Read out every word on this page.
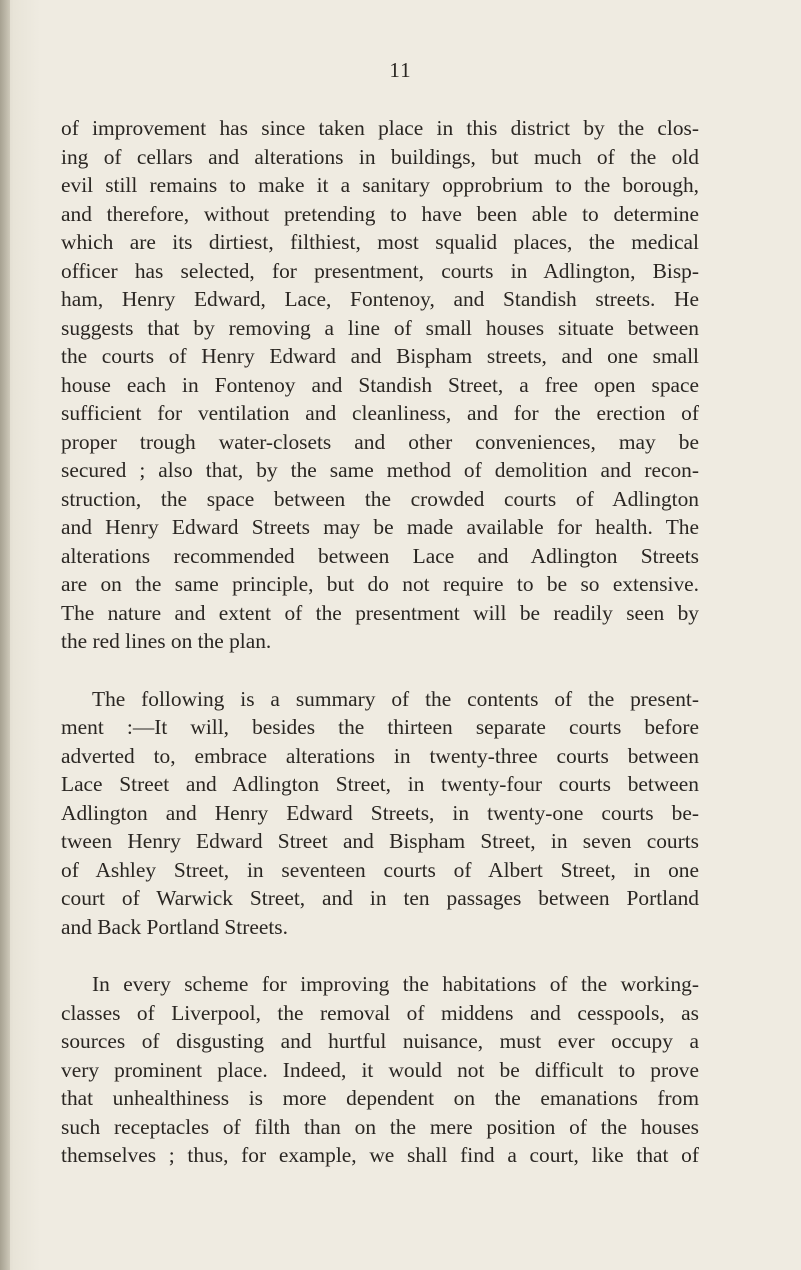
11
of improvement has since taken place in this district by the clos-
ing of cellars and alterations in buildings, but much of the old
evil still remains to make it a sanitary opprobrium to the borough,
and therefore, without pretending to have been able to determine
which are its dirtiest, filthiest, most squalid places, the medical
officer has selected, for presentment, courts in Adlington, Bisp-
ham, Henry Edward, Lace, Fontenoy, and Standish streets. He
suggests that by removing a line of small houses situate between
the courts of Henry Edward and Bispham streets, and one small
house each in Fontenoy and Standish Street, a free open space
sufficient for ventilation and cleanliness, and for the erection of
proper trough water-closets and other conveniences, may be
secured ; also that, by the same method of demolition and recon-
struction, the space between the crowded courts of Adlington
and Henry Edward Streets may be made available for health. The
alterations recommended between Lace and Adlington Streets
are on the same principle, but do not require to be so extensive.
The nature and extent of the presentment will be readily seen by
the red lines on the plan.
The following is a summary of the contents of the present-
ment :—It will, besides the thirteen separate courts before
adverted to, embrace alterations in twenty-three courts between
Lace Street and Adlington Street, in twenty-four courts between
Adlington and Henry Edward Streets, in twenty-one courts be-
tween Henry Edward Street and Bispham Street, in seven courts
of Ashley Street, in seventeen courts of Albert Street, in one
court of Warwick Street, and in ten passages between Portland
and Back Portland Streets.
In every scheme for improving the habitations of the working-
classes of Liverpool, the removal of middens and cesspools, as
sources of disgusting and hurtful nuisance, must ever occupy a
very prominent place. Indeed, it would not be difficult to prove
that unhealthiness is more dependent on the emanations from
such receptacles of filth than on the mere position of the houses
themselves ; thus, for example, we shall find a court, like that of
